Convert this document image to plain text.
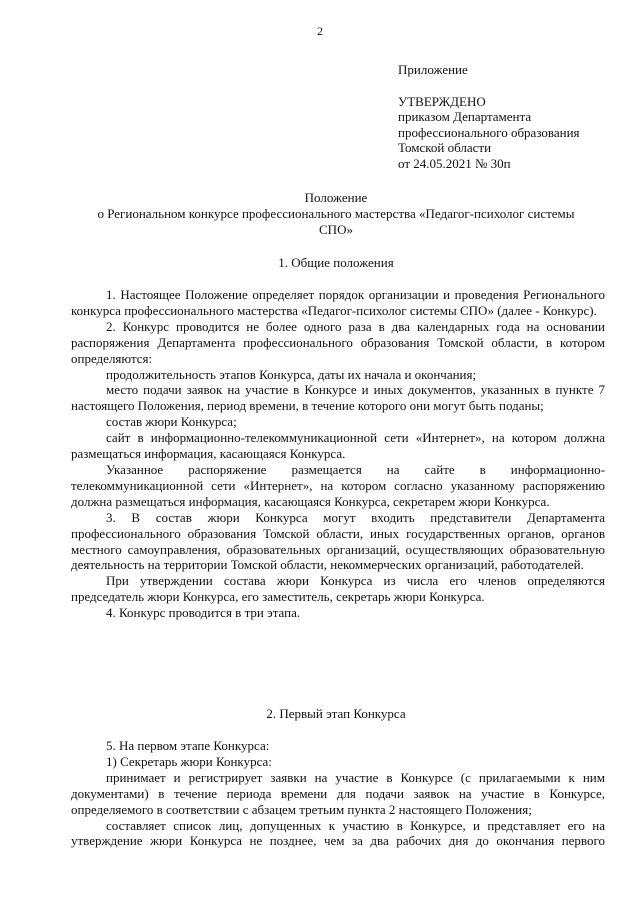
2
Приложение
УТВЕРЖДЕНО
приказом Департамента
профессионального образования
Томской области
от 24.05.2021 № 30п
Положение
о Региональном конкурсе профессионального мастерства «Педагог-психолог системы
СПО»
1. Общие положения

1. Настоящее Положение определяет порядок организации и проведения Регионального конкурса профессионального мастерства «Педагог-психолог системы СПО» (далее - Конкурс).

2. Конкурс проводится не более одного раза в два календарных года на основании распоряжения Департамента профессионального образования Томской области, в котором определяются:

продолжительность этапов Конкурса, даты их начала и окончания;

место подачи заявок на участие в Конкурсе и иных документов, указанных в пункте 7 настоящего Положения, период времени, в течение которого они могут быть поданы;

состав жюри Конкурса;

сайт в информационно-телекоммуникационной сети «Интернет», на котором должна размещаться информация, касающаяся Конкурса.

Указанное распоряжение размещается на сайте в информационно-телекоммуникационной сети «Интернет», на котором согласно указанному распоряжению должна размещаться информация, касающаяся Конкурса, секретарем жюри Конкурса.

3. В состав жюри Конкурса могут входить представители Департамента профессионального образования Томской области, иных государственных органов, органов местного самоуправления, образовательных организаций, осуществляющих образовательную деятельность на территории Томской области, некоммерческих организаций, работодателей.

При утверждении состава жюри Конкурса из числа его членов определяются председатель жюри Конкурса, его заместитель, секретарь жюри Конкурса.

4. Конкурс проводится в три этапа.

2. Первый этап Конкурса

5. На первом этапе Конкурса:

1) Секретарь жюри Конкурса:

принимает и регистрирует заявки на участие в Конкурсе (с прилагаемыми к ним документами) в течение периода времени для подачи заявок на участие в Конкурсе, определяемого в соответствии с абзацем третьим пункта 2 настоящего Положения;

составляет список лиц, допущенных к участию в Конкурсе, и представляет его на утверждение жюри Конкурса не позднее, чем за два рабочих дня до окончания первого
